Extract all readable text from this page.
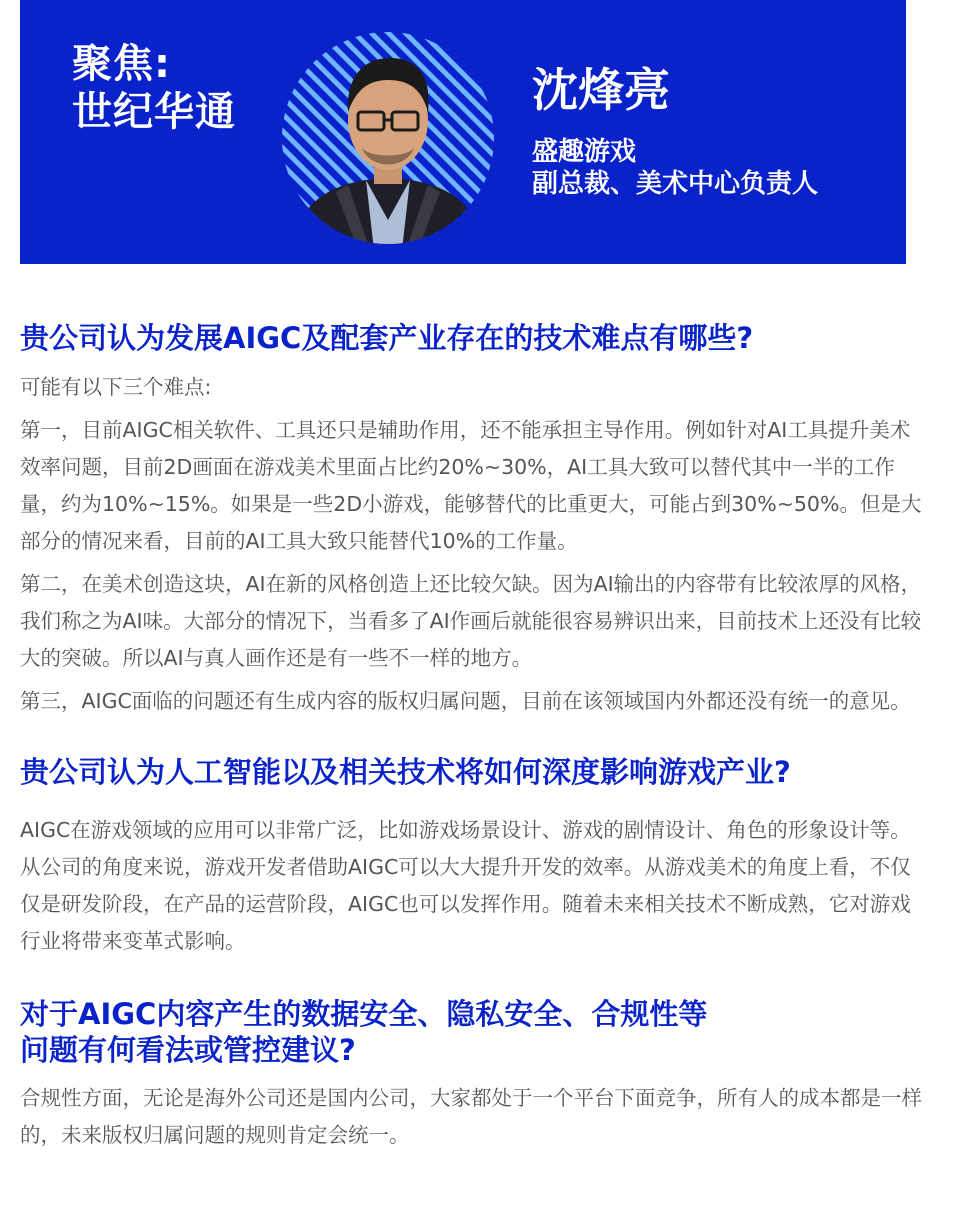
聚焦:
世纪华通	沈烽亮
盛趣游戏
副总裁、美术中心负责人
贵公司认为发展AIGC及配套产业存在的技术难点有哪些?

可能有以下三个难点:

第一，目前AIGC相关软件、工具还只是辅助作用，还不能承担主导作用。例如针对AI工具提升美术效率问题，目前2D画面在游戏美术里面占比约20%~30%，AI工具大致可以替代其中一半的工作量，约为10%~15%。如果是一些2D小游戏，能够替代的比重更大，可能占到30%~50%。但是大部分的情况来看，目前的AI工具大致只能替代10%的工作量。

第二，在美术创造这块，AI在新的风格创造上还比较欠缺。因为AI输出的内容带有比较浓厚的风格，我们称之为AI味。大部分的情况下，当看多了AI作画后就能很容易辨识出来，目前技术上还没有比较大的突破。所以AI与真人画作还是有一些不一样的地方。

第三，AIGC面临的问题还有生成内容的版权归属问题，目前在该领域国内外都还没有统一的意见。

贵公司认为人工智能以及相关技术将如何深度影响游戏产业?

AIGC在游戏领域的应用可以非常广泛，比如游戏场景设计、游戏的剧情设计、角色的形象设计等。从公司的角度来说，游戏开发者借助AIGC可以大大提升开发的效率。从游戏美术的角度上看，不仅仅是研发阶段，在产品的运营阶段，AIGC也可以发挥作用。随着未来相关技术不断成熟，它对游戏行业将带来变革式影响。

对于AIGC内容产生的数据安全、隐私安全、合规性等
问题有何看法或管控建议?

合规性方面，无论是海外公司还是国内公司，大家都处于一个平台下面竞争，所有人的成本都是一样的，未来版权归属问题的规则肯定会统一。
